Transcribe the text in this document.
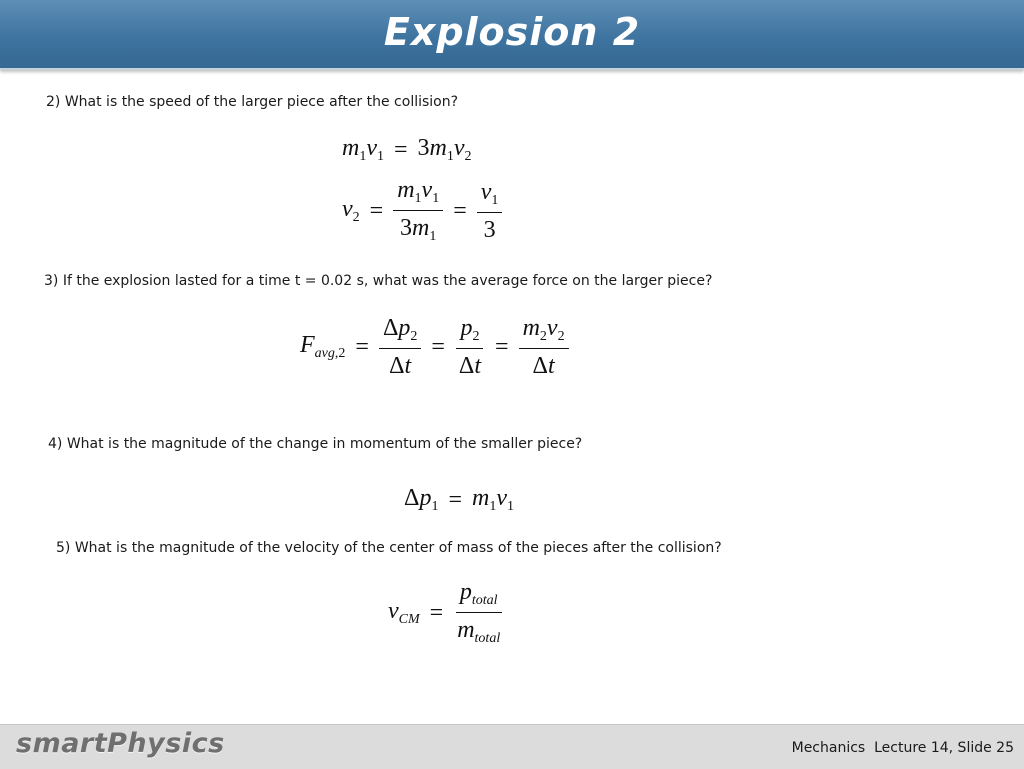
Explosion 2
2) What is the speed of the larger piece after the collision?
$m_1v_1 = 3m_1v_2$
$v_2 = \frac{m_1v_1}{3m_1} = \frac{v_1}{3}$
3) If the explosion lasted for a time t = 0.02 s, what was the average force on the larger piece?
$F_{avg,2} = \frac{\Delta p_2}{\Delta t} = \frac{p_2}{\Delta t} = \frac{m_2v_2}{\Delta t}$
4) What is the magnitude of the change in momentum of the smaller piece?
$\Delta p_1 = m_1v_1$
5) What is the magnitude of the velocity of the center of mass of the pieces after the collision?
$v_{CM} = \frac{p_{total}}{m_{total}}$
smartPhysics	Mechanics  Lecture 14, Slide 25
